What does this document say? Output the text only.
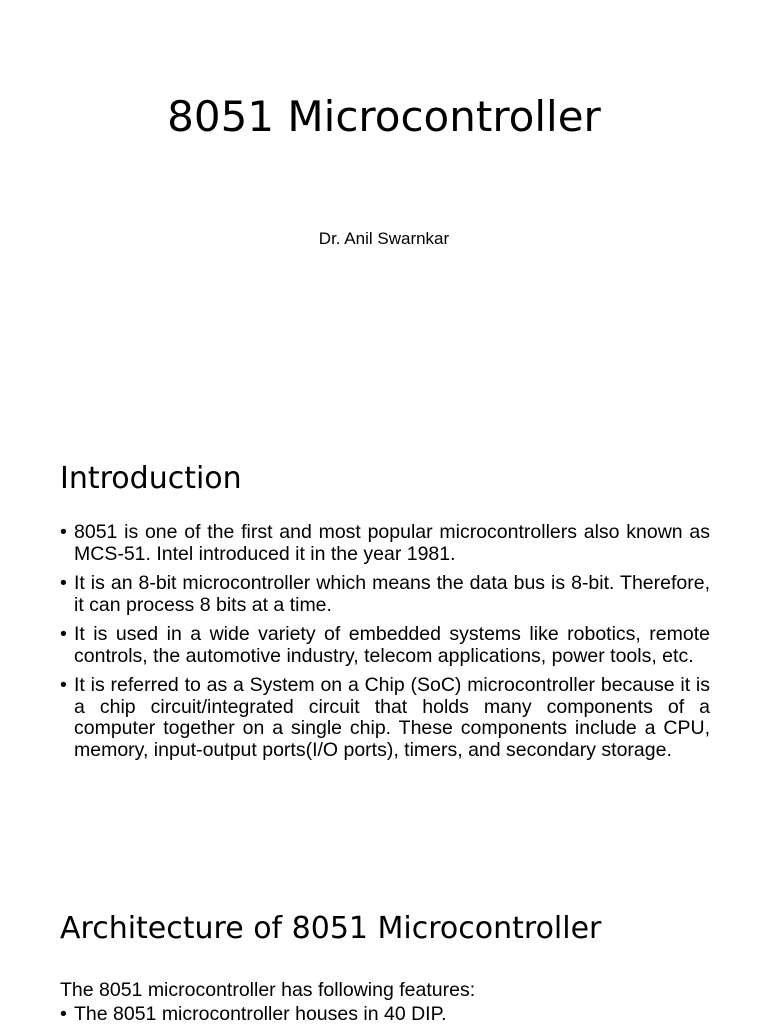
8051 Microcontroller

Dr. Anil Swarnkar

Introduction
• 8051 is one of the first and most popular microcontrollers also known as MCS-51. Intel introduced it in the year 1981.
• It is an 8-bit microcontroller which means the data bus is 8-bit. Therefore, it can process 8 bits at a time.
• It is used in a wide variety of embedded systems like robotics, remote controls, the automotive industry, telecom applications, power tools, etc.
• It is referred to as a System on a Chip (SoC) microcontroller because it is a chip circuit/integrated circuit that holds many components of a computer together on a single chip. These components include a CPU, memory, input-output ports(I/O ports), timers, and secondary storage.
Architecture of 8051 Microcontroller

The 8051 microcontroller has following features:

• The 8051 microcontroller houses in 40 DIP.
